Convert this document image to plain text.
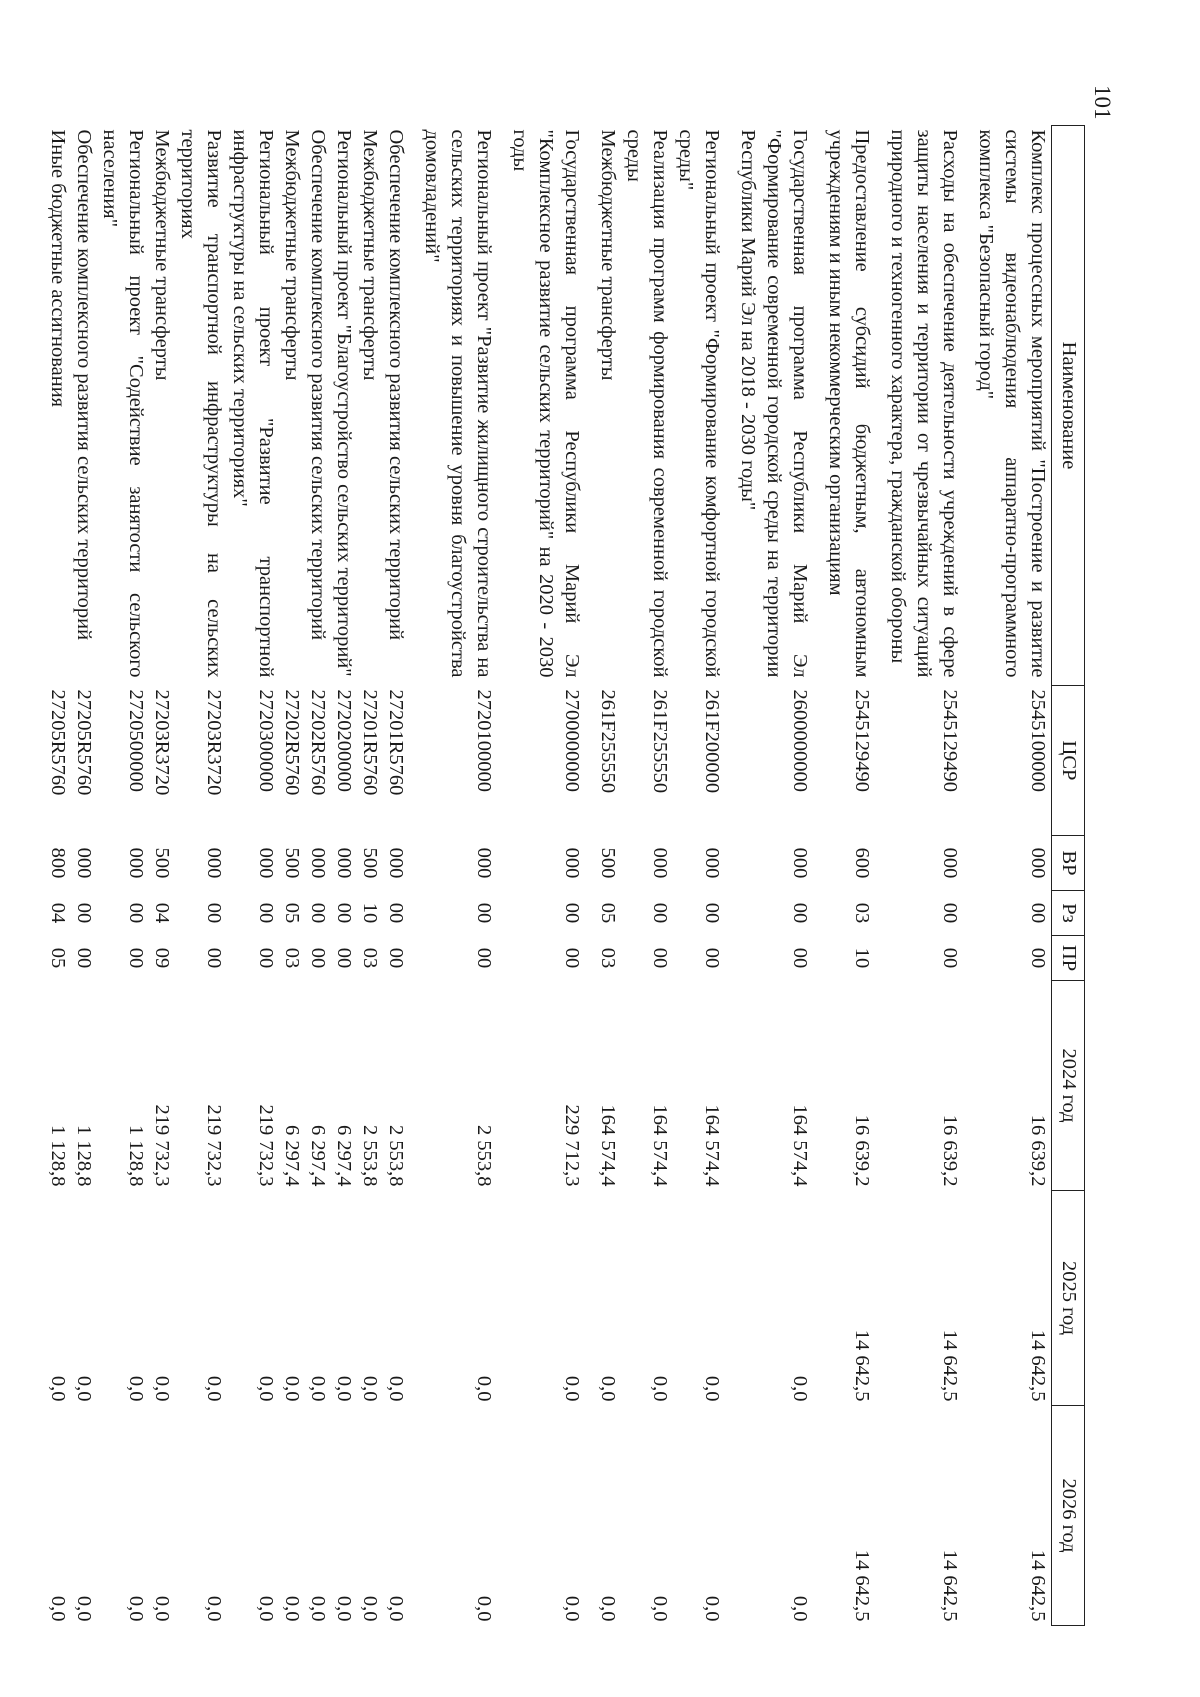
101
Наименование	ЦСР	ВР	Рз	ПР	2024 год	2025 год	2026 год
Комплекс процессных мероприятий "Построение и развитие системы видеонаблюдения аппаратно-программного комплекса "Безопасный город"	2545100000	000	00	00	16 639,2	14 642,5	14 642,5
Расходы на обеспечение деятельности учреждений в сфере защиты населения и территории от чрезвычайных ситуаций природного и техногенного характера, гражданской обороны	2545129490	000	00	00	16 639,2	14 642,5	14 642,5
Предоставление субсидий бюджетным, автономным учреждениям и иным некоммерческим организациям	2545129490	600	03	10	16 639,2	14 642,5	14 642,5
Государственная программа Республики Марий Эл "Формирование современной городской среды на территории Республики Марий Эл на 2018 - 2030 годы"	2600000000	000	00	00	164 574,4	0,0	0,0
Региональный проект "Формирование комфортной городской среды"	261F200000	000	00	00	164 574,4	0,0	0,0
Реализация программ формирования современной городской среды	261F255550	000	00	00	164 574,4	0,0	0,0
Межбюджетные трансферты	261F255550	500	05	03	164 574,4	0,0	0,0
Государственная программа Республики Марий Эл "Комплексное развитие сельских территорий" на 2020 - 2030 годы	2700000000	000	00	00	229 712,3	0,0	0,0
Региональный проект "Развитие жилищного строительства на сельских территориях и повышение уровня благоустройства домовладений"	2720100000	000	00	00	2 553,8	0,0	0,0
Обеспечение комплексного развития сельских территорий	27201R5760	000	00	00	2 553,8	0,0	0,0
Межбюджетные трансферты	27201R5760	500	10	03	2 553,8	0,0	0,0
Региональный проект "Благоустройство сельских территорий"	2720200000	000	00	00	6 297,4	0,0	0,0
Обеспечение комплексного развития сельских территорий	27202R5760	000	00	00	6 297,4	0,0	0,0
Межбюджетные трансферты	27202R5760	500	05	03	6 297,4	0,0	0,0
Региональный проект "Развитие транспортной инфраструктуры на сельских территориях"	2720300000	000	00	00	219 732,3	0,0	0,0
Развитие транспортной инфраструктуры на сельских территориях	27203R3720	000	00	00	219 732,3	0,0	0,0
Межбюджетные трансферты	27203R3720	500	04	09	219 732,3	0,0	0,0
Региональный проект "Содействие занятости сельского населения"	2720500000	000	00	00	1 128,8	0,0	0,0
Обеспечение комплексного развития сельских территорий	27205R5760	000	00	00	1 128,8	0,0	0,0
Иные бюджетные ассигнования	27205R5760	800	04	05	1 128,8	0,0	0,0
